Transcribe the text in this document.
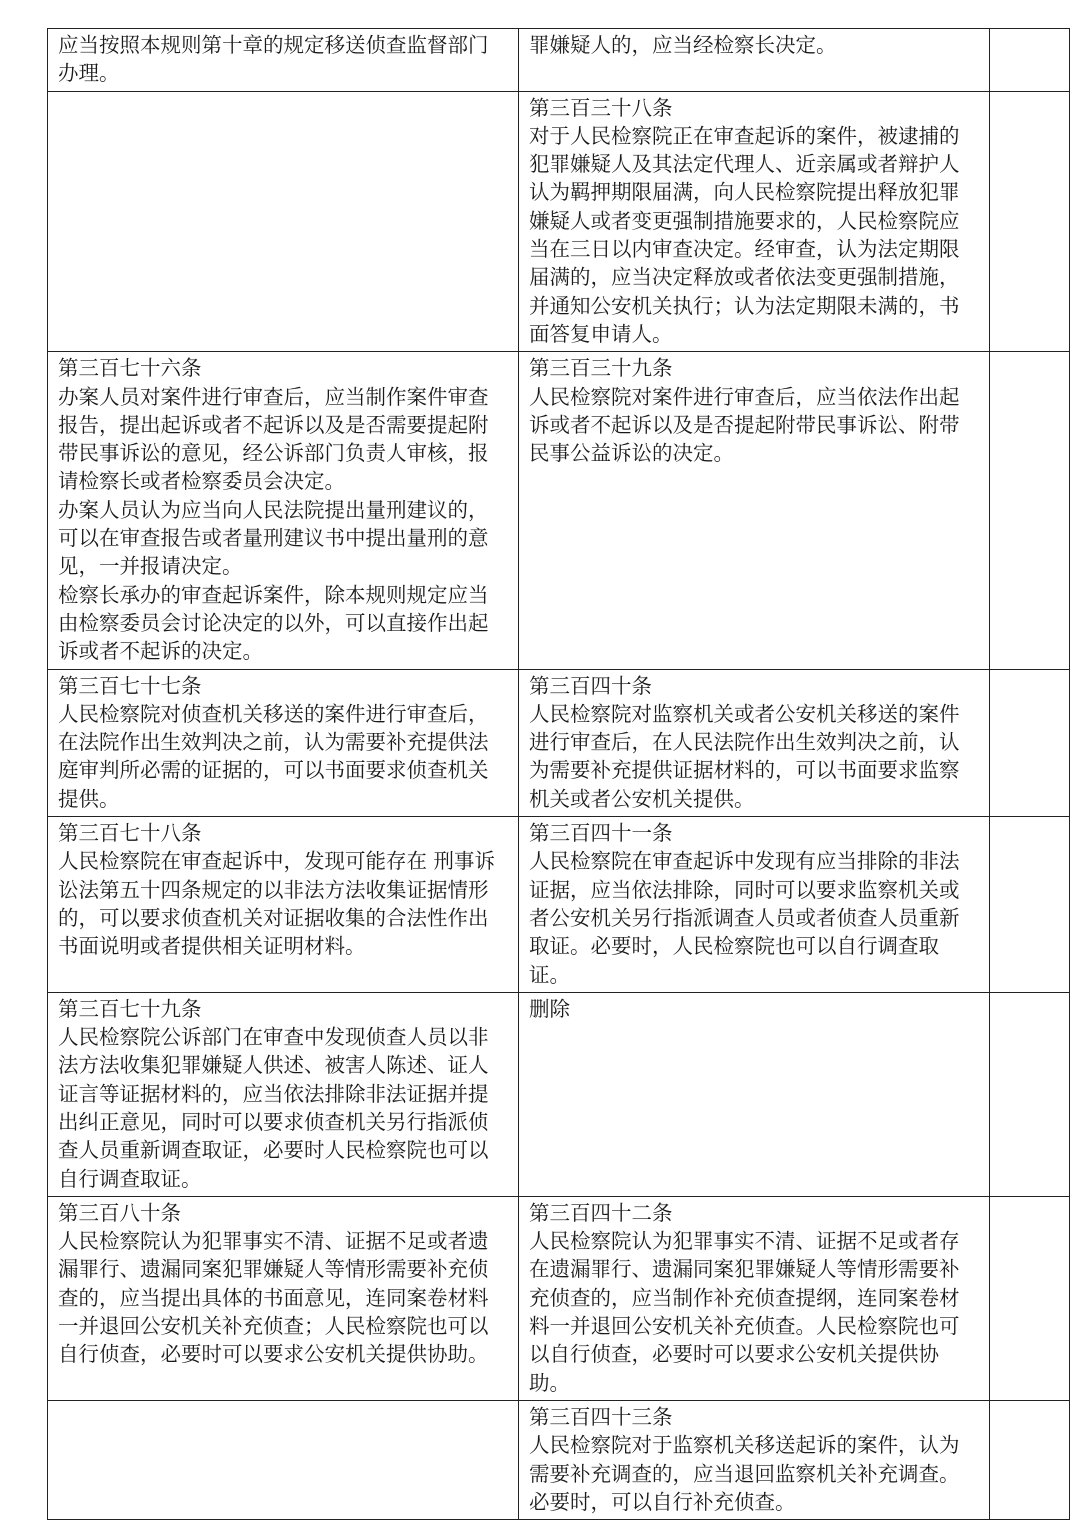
应当按照本规则第十章的规定移送侦查监督部门办理。	罪嫌疑人的，应当经检察长决定。	

	第三百三十八条
对于人民检察院正在审查起诉的案件，被逮捕的犯罪嫌疑人及其法定代理人、近亲属或者辩护人认为羁押期限届满，向人民检察院提出释放犯罪嫌疑人或者变更强制措施要求的，人民检察院应当在三日以内审查决定。经审查，认为法定期限届满的，应当决定释放或者依法变更强制措施，并通知公安机关执行；认为法定期限未满的，书面答复申请人。	

第三百七十六条
办案人员对案件进行审查后，应当制作案件审查报告，提出起诉或者不起诉以及是否需要提起附带民事诉讼的意见，经公诉部门负责人审核，报请检察长或者检察委员会决定。
办案人员认为应当向人民法院提出量刑建议的，可以在审查报告或者量刑建议书中提出量刑的意见，一并报请决定。
检察长承办的审查起诉案件，除本规则规定应当由检察委员会讨论决定的以外，可以直接作出起诉或者不起诉的决定。	第三百三十九条
人民检察院对案件进行审查后，应当依法作出起诉或者不起诉以及是否提起附带民事诉讼、附带民事公益诉讼的决定。	

第三百七十七条
人民检察院对侦查机关移送的案件进行审查后，在法院作出生效判决之前，认为需要补充提供法庭审判所必需的证据的，可以书面要求侦查机关提供。	第三百四十条
人民检察院对监察机关或者公安机关移送的案件进行审查后，在人民法院作出生效判决之前，认为需要补充提供证据材料的，可以书面要求监察机关或者公安机关提供。	

第三百七十八条
人民检察院在审查起诉中，发现可能存在 刑事诉讼法第五十四条规定的以非法方法收集证据情形的，可以要求侦查机关对证据收集的合法性作出书面说明或者提供相关证明材料。	第三百四十一条
人民检察院在审查起诉中发现有应当排除的非法证据，应当依法排除，同时可以要求监察机关或者公安机关另行指派调查人员或者侦查人员重新取证。必要时，人民检察院也可以自行调查取证。	

第三百七十九条
人民检察院公诉部门在审查中发现侦查人员以非法方法收集犯罪嫌疑人供述、被害人陈述、证人证言等证据材料的，应当依法排除非法证据并提出纠正意见，同时可以要求侦查机关另行指派侦查人员重新调查取证，必要时人民检察院也可以自行调查取证。	删除	

第三百八十条
人民检察院认为犯罪事实不清、证据不足或者遗漏罪行、遗漏同案犯罪嫌疑人等情形需要补充侦查的，应当提出具体的书面意见，连同案卷材料一并退回公安机关补充侦查；人民检察院也可以自行侦查，必要时可以要求公安机关提供协助。	第三百四十二条
人民检察院认为犯罪事实不清、证据不足或者存在遗漏罪行、遗漏同案犯罪嫌疑人等情形需要补充侦查的，应当制作补充侦查提纲，连同案卷材料一并退回公安机关补充侦查。人民检察院也可以自行侦查，必要时可以要求公安机关提供协助。	

	第三百四十三条
人民检察院对于监察机关移送起诉的案件，认为需要补充调查的，应当退回监察机关补充调查。必要时，可以自行补充侦查。	
